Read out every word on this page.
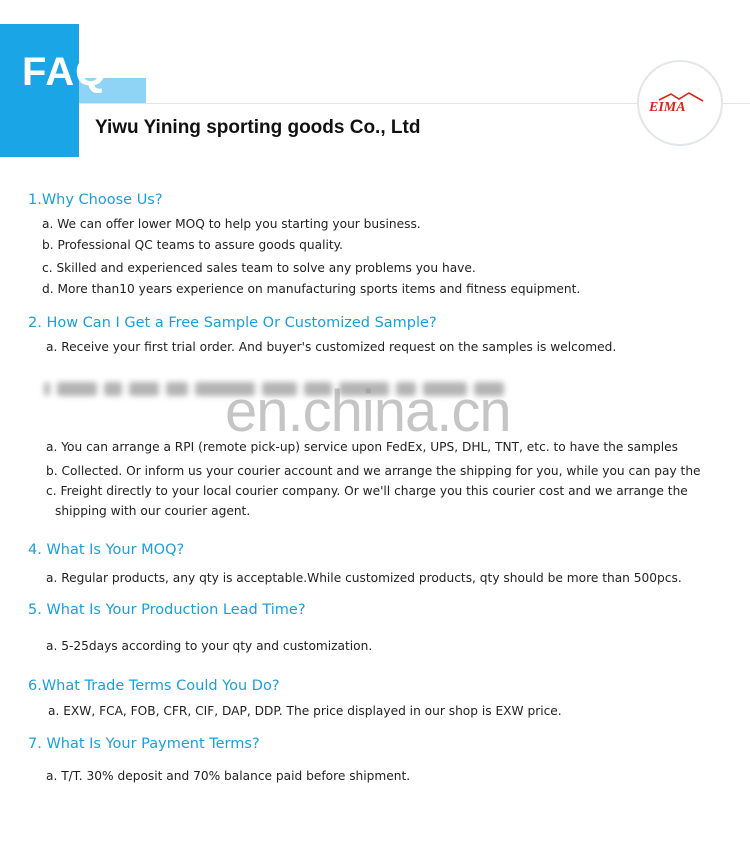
FAQ
Yiwu Yining sporting goods Co., Ltd
EIMA
1.Why Choose Us?
a. We can offer lower MOQ to help you starting your business.
b. Professional QC teams to assure goods quality.
c. Skilled and experienced sales team to solve any problems you have.
d. More than10 years experience on manufacturing sports items and fitness equipment.
2. How Can I Get a Free Sample Or Customized Sample?
a. Receive your first trial order. And buyer's customized request on the samples is welcomed.
en.china.cn
a. You can arrange a RPI (remote pick-up) service upon FedEx, UPS, DHL, TNT, etc. to have the samples
b. Collected. Or inform us your courier account and we arrange the shipping for you, while you can pay the
c. Freight directly to your local courier company. Or we'll charge you this courier cost and we arrange the
shipping with our courier agent.
4. What Is Your MOQ?
a. Regular products, any qty is acceptable.While customized products, qty should be more than 500pcs.
5. What Is Your Production Lead Time?
a. 5-25days according to your qty and customization.
6.What Trade Terms Could You Do?
a. EXW, FCA, FOB, CFR, CIF, DAP, DDP. The price displayed in our shop is EXW price.
7. What Is Your Payment Terms?
a. T/T. 30% deposit and 70% balance paid before shipment.
